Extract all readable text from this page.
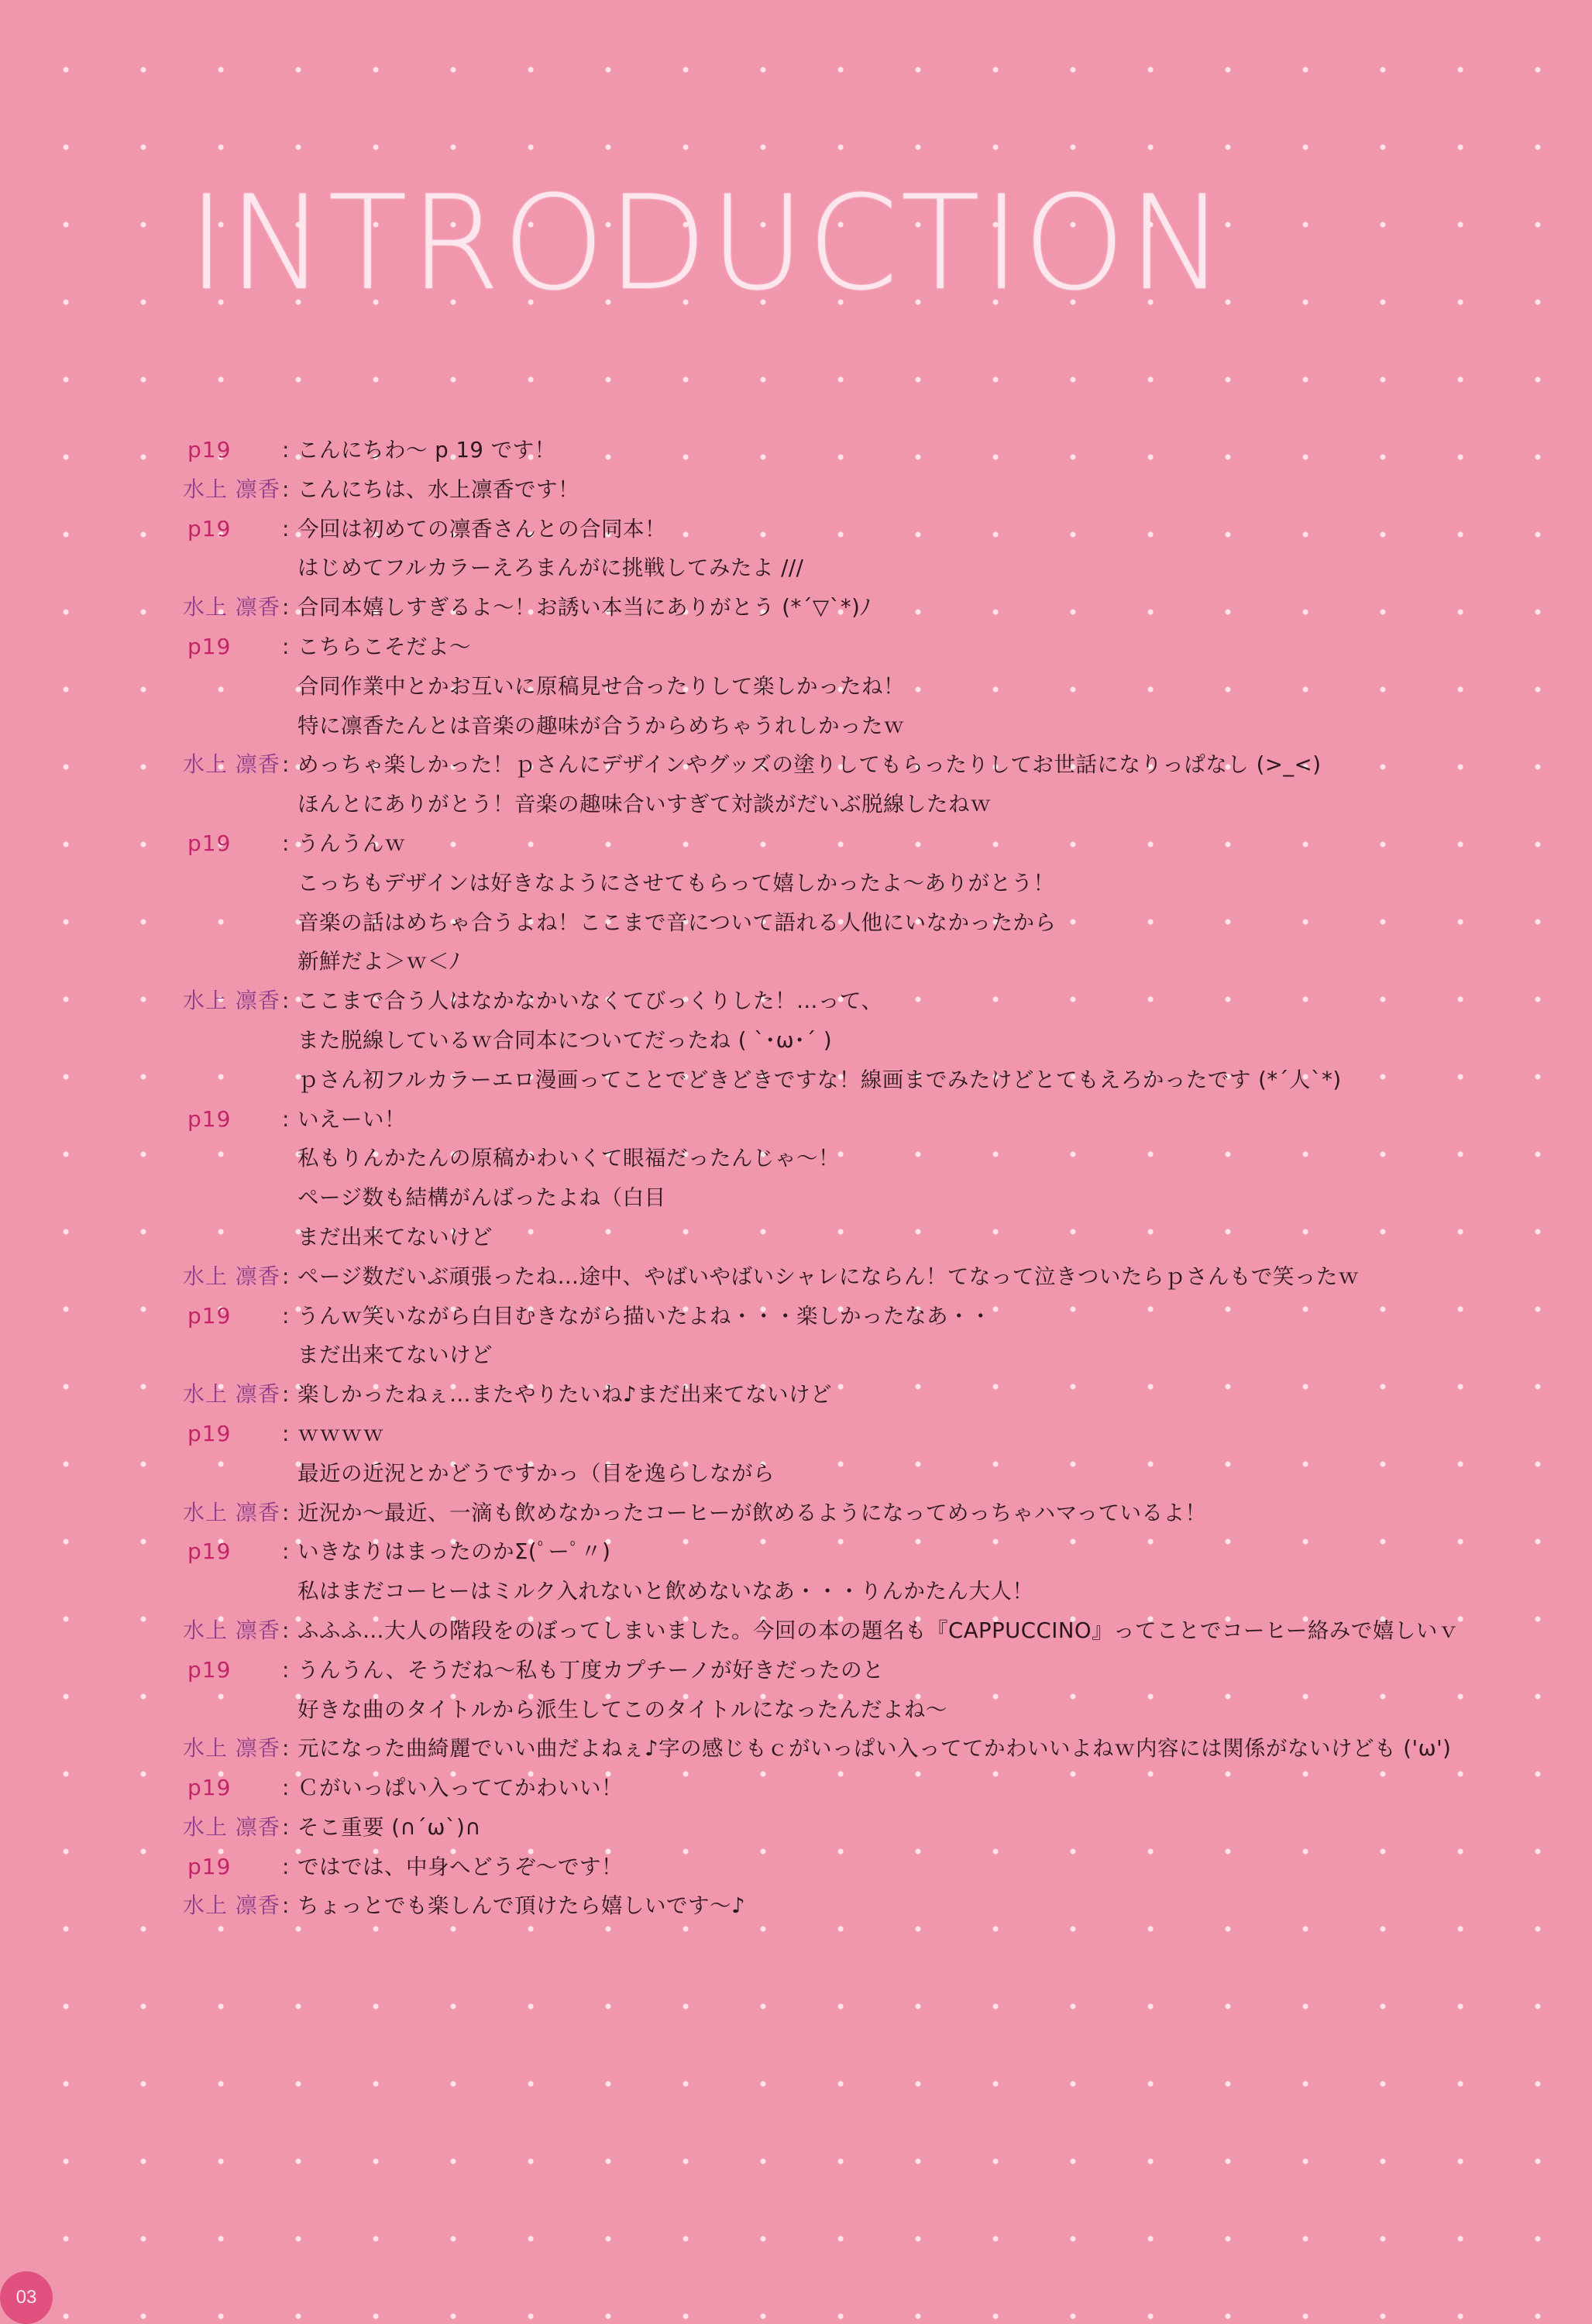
INTRODUCTION
p19	: こんにちわ～ p 19 です！
水上 凛香 : こんにちは、水上凛香です！
p19	: 今回は初めての凛香さんとの合同本！
はじめてフルカラーえろまんがに挑戦してみたよ ///
水上 凛香 : 合同本嬉しすぎるよ～！お誘い本当にありがとう (*´▽`*)ﾉ
p19	: こちらこそだよ～
合同作業中とかお互いに原稿見せ合ったりして楽しかったね！
特に凛香たんとは音楽の趣味が合うからめちゃうれしかったｗ
水上 凛香 : めっちゃ楽しかった！ｐさんにデザインやグッズの塗りしてもらったりしてお世話になりっぱなし (>_<)
ほんとにありがとう！音楽の趣味合いすぎて対談がだいぶ脱線したねｗ
p19	: うんうんｗ
こっちもデザインは好きなようにさせてもらって嬉しかったよ～ありがとう！
音楽の話はめちゃ合うよね！ここまで音について語れる人他にいなかったから
新鮮だよ＞ｗ＜ﾉ
水上 凛香 : ここまで合う人はなかなかいなくてびっくりした！…って、
また脱線しているｗ合同本についてだったね ( ˋ･ω･ˊ )
ｐさん初フルカラーエロ漫画ってことでどきどきですな！線画までみたけどとてもえろかったです (*´人`*)
p19	: いえーい！
私もりんかたんの原稿かわいくて眼福だったんじゃ～！
ページ数も結構がんばったよね（白目
まだ出来てないけど
水上 凛香 : ページ数だいぶ頑張ったね…途中、やばいやばいシャレにならん！てなって泣きついたらｐさんもで笑ったｗ
p19	: うんｗ笑いながら白目むきながら描いたよね・・・楽しかったなあ・・
まだ出来てないけど
水上 凛香 : 楽しかったねぇ…またやりたいね♪まだ出来てないけど
p19	: ｗｗｗｗ
最近の近況とかどうですかっ（目を逸らしながら
水上 凛香 : 近況か～最近、一滴も飲めなかったコーヒーが飲めるようになってめっちゃハマっているよ！
p19	: いきなりはまったのかΣ(ﾟーﾟ〃)
私はまだコーヒーはミルク入れないと飲めないなあ・・・りんかたん大人！
水上 凛香 : ふふふ…大人の階段をのぼってしまいました。今回の本の題名も『CAPPUCCINO』ってことでコーヒー絡みで嬉しいｖ
p19	: うんうん、そうだね～私も丁度カプチーノが好きだったのと
好きな曲のタイトルから派生してこのタイトルになったんだよね～
水上 凛香 : 元になった曲綺麗でいい曲だよねぇ♪字の感じもｃがいっぱい入っててかわいいよねｗ内容には関係がないけども ('ω')
p19	: Ｃがいっぱい入っててかわいい！
水上 凛香 : そこ重要 (∩´ω`)∩
p19	: ではでは、中身へどうぞ～です！
水上 凛香 : ちょっとでも楽しんで頂けたら嬉しいです～♪
03
